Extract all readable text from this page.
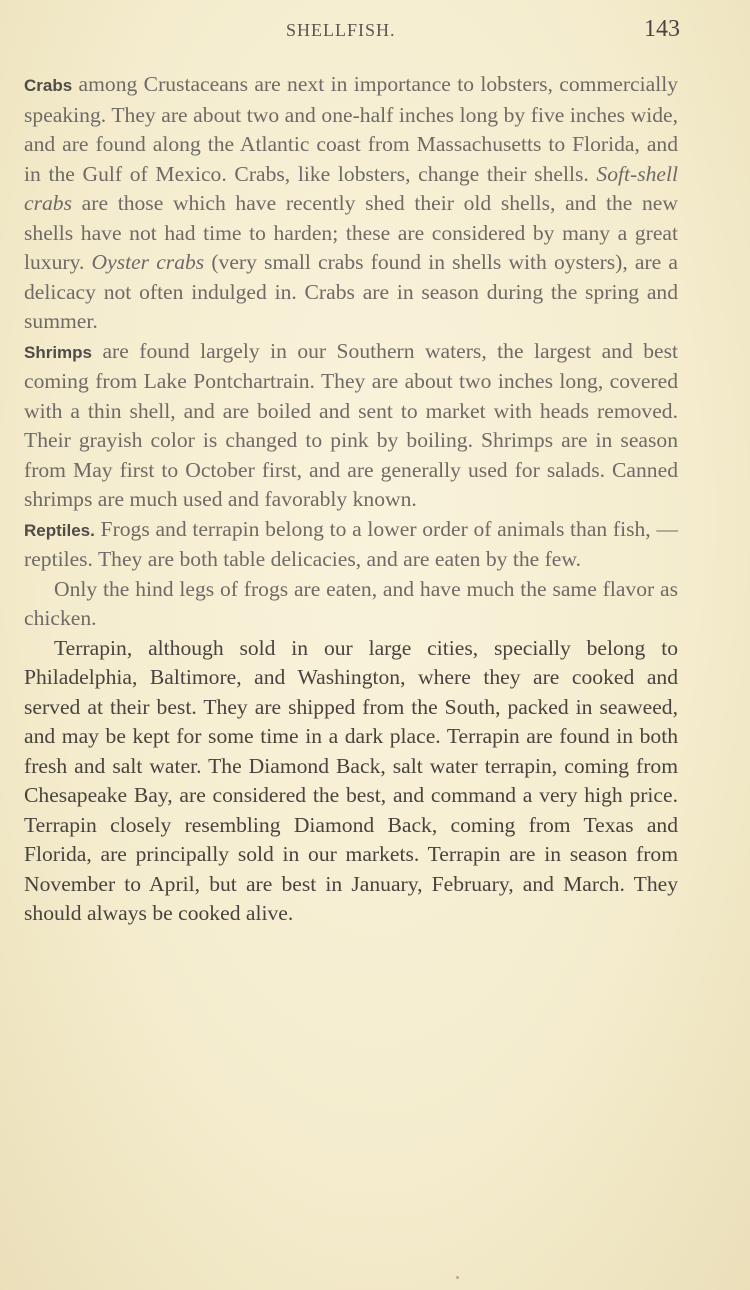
SHELLFISH.	143

Crabs among Crustaceans are next in importance to lobsters, commercially speaking. They are about two and one-half inches long by five inches wide, and are found along the Atlantic coast from Massachusetts to Florida, and in the Gulf of Mexico. Crabs, like lobsters, change their shells. Soft-shell crabs are those which have recently shed their old shells, and the new shells have not had time to harden; these are considered by many a great luxury. Oyster crabs (very small crabs found in shells with oysters), are a delicacy not often indulged in. Crabs are in season during the spring and summer.

Shrimps are found largely in our Southern waters, the largest and best coming from Lake Pontchartrain. They are about two inches long, covered with a thin shell, and are boiled and sent to market with heads removed. Their grayish color is changed to pink by boiling. Shrimps are in season from May first to October first, and are generally used for salads. Canned shrimps are much used and favorably known.

Reptiles. Frogs and terrapin belong to a lower order of animals than fish, — reptiles. They are both table delicacies, and are eaten by the few.

Only the hind legs of frogs are eaten, and have much the same flavor as chicken.

Terrapin, although sold in our large cities, specially belong to Philadelphia, Baltimore, and Washington, where they are cooked and served at their best. They are shipped from the South, packed in seaweed, and may be kept for some time in a dark place. Terrapin are found in both fresh and salt water. The Diamond Back, salt water terrapin, coming from Chesapeake Bay, are considered the best, and command a very high price. Terrapin closely resembling Diamond Back, coming from Texas and Florida, are principally sold in our markets. Terrapin are in season from November to April, but are best in January, February, and March. They should always be cooked alive.
